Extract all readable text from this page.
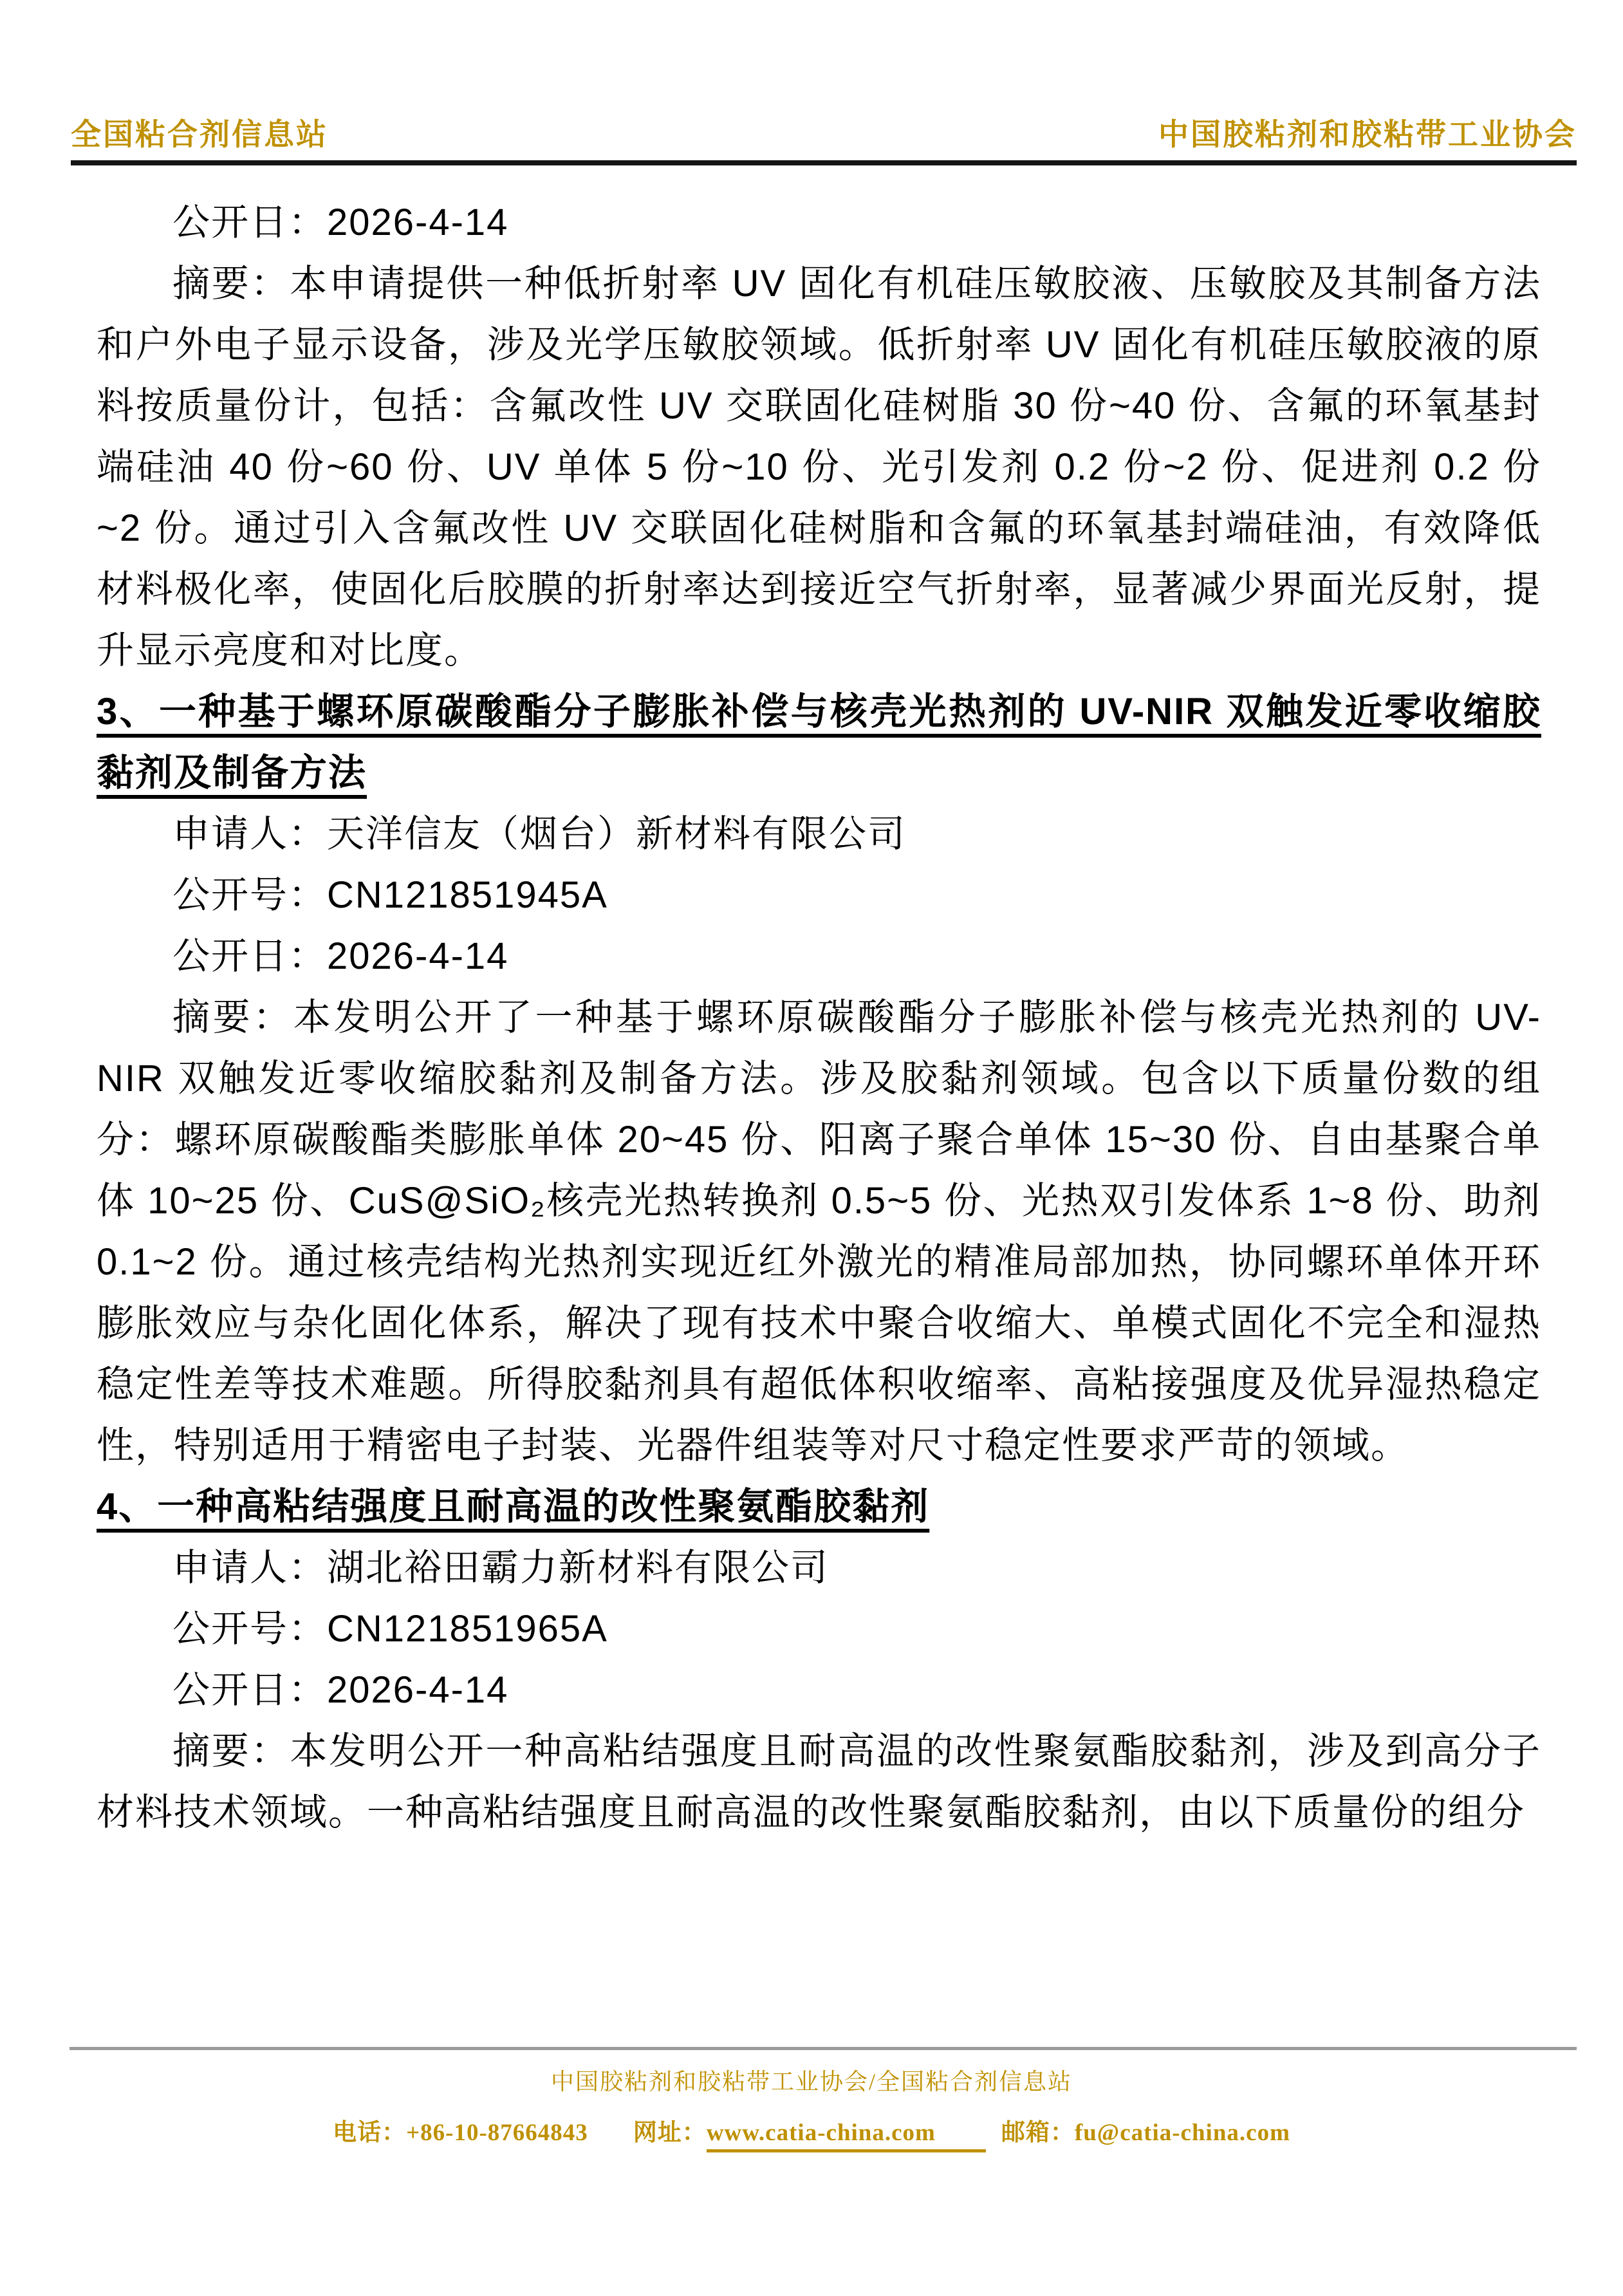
全国粘合剂信息站	中国胶粘剂和胶粘带工业协会

公开日：2026-4-14

摘要：本申请提供一种低折射率 UV 固化有机硅压敏胶液、压敏胶及其制备方法和户外电子显示设备，涉及光学压敏胶领域。低折射率 UV 固化有机硅压敏胶液的原料按质量份计，包括：含氟改性 UV 交联固化硅树脂 30 份~40 份、含氟的环氧基封端硅油 40 份~60 份、UV 单体 5 份~10 份、光引发剂 0.2 份~2 份、促进剂 0.2 份~2 份。通过引入含氟改性 UV 交联固化硅树脂和含氟的环氧基封端硅油，有效降低材料极化率，使固化后胶膜的折射率达到接近空气折射率，显著减少界面光反射，提升显示亮度和对比度。

3、一种基于螺环原碳酸酯分子膨胀补偿与核壳光热剂的 UV-NIR 双触发近零收缩胶黏剂及制备方法

申请人：天洋信友（烟台）新材料有限公司

公开号：CN121851945A

公开日：2026-4-14

摘要：本发明公开了一种基于螺环原碳酸酯分子膨胀补偿与核壳光热剂的 UV-NIR 双触发近零收缩胶黏剂及制备方法。涉及胶黏剂领域。包含以下质量份数的组分：螺环原碳酸酯类膨胀单体 20~45 份、阳离子聚合单体 15~30 份、自由基聚合单体 10~25 份、CuS@SiO₂核壳光热转换剂 0.5~5 份、光热双引发体系 1~8 份、助剂 0.1~2 份。通过核壳结构光热剂实现近红外激光的精准局部加热，协同螺环单体开环膨胀效应与杂化固化体系，解决了现有技术中聚合收缩大、单模式固化不完全和湿热稳定性差等技术难题。所得胶黏剂具有超低体积收缩率、高粘接强度及优异湿热稳定性，特别适用于精密电子封装、光器件组装等对尺寸稳定性要求严苛的领域。

4、一种高粘结强度且耐高温的改性聚氨酯胶黏剂

申请人：湖北裕田霸力新材料有限公司

公开号：CN121851965A

公开日：2026-4-14

摘要：本发明公开一种高粘结强度且耐高温的改性聚氨酯胶黏剂，涉及到高分子材料技术领域。一种高粘结强度且耐高温的改性聚氨酯胶黏剂，由以下质量份的组分

中国胶粘剂和胶粘带工业协会/全国粘合剂信息站
电话：+86-10-87664843 网址：www.catia-china.com	邮箱：fu@catia-china.com
